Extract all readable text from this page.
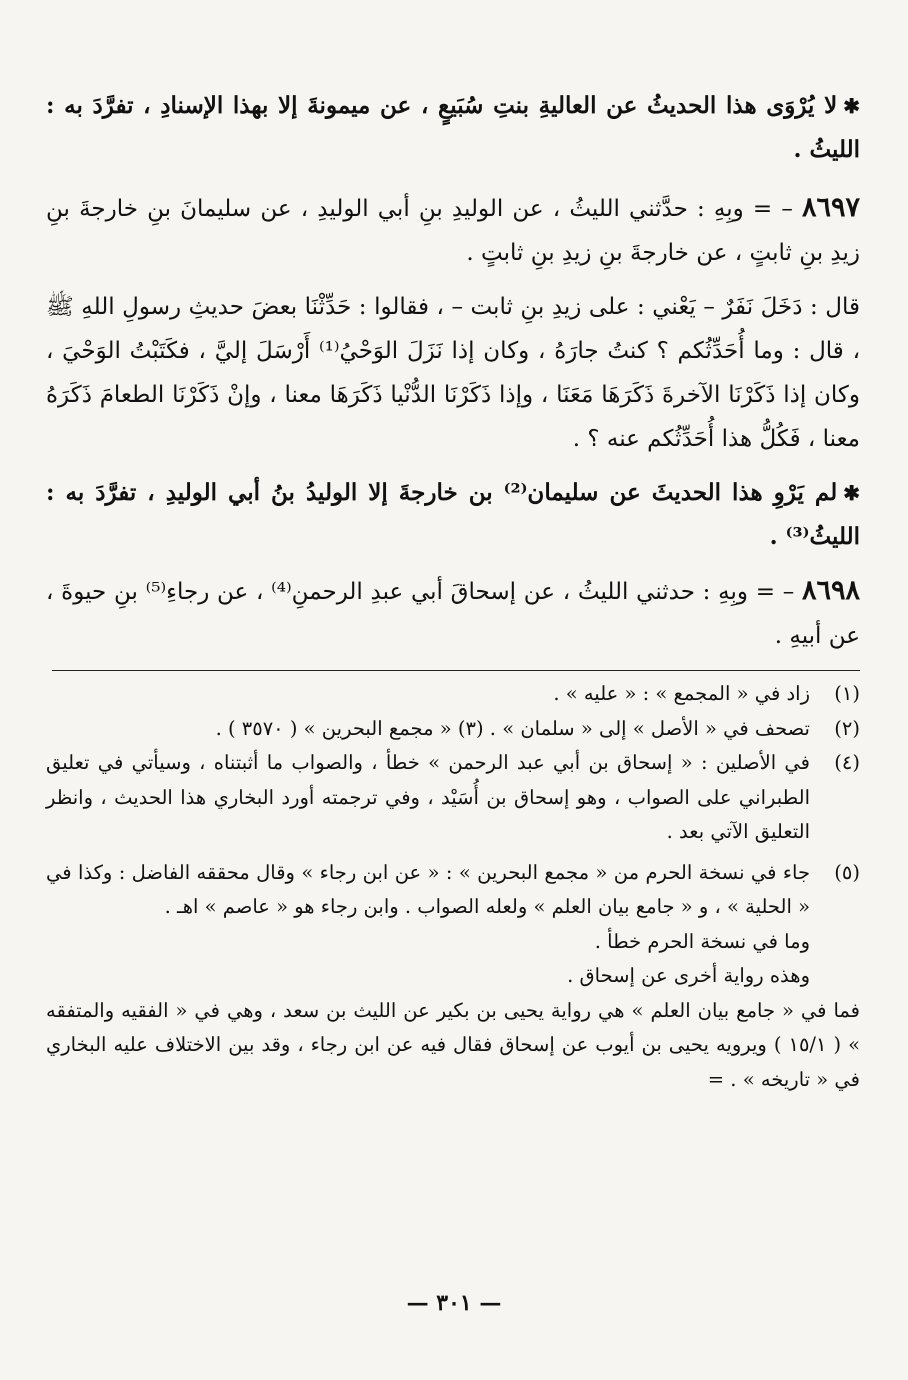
✱لا يُرْوَى هذا الحديثُ عن العاليةِ بنتِ سُبَيعٍ ، عن ميمونةَ إلا بهذا الإسنادِ ، تفرَّدَ به : الليثُ .

٨٦٩٧ – = وبِهِ : حدَّثني الليثُ ، عن الوليدِ بنِ أبي الوليدِ ، عن سليمانَ بنِ خارجةَ بنِ زيدِ بنِ ثابتٍ ، عن خارجةَ بنِ زيدِ بنِ ثابتٍ .

قال : دَخَلَ نَفَرٌ – يَعْني : على زيدِ بنِ ثابت – ، فقالوا : حَدِّثْنَا بعضَ حديثِ رسولِ اللهِ ﷺ ، قال : وما أُحَدِّثُكم ؟ كنتُ جارَهُ ، وكان إذا نَزَلَ الوَحْيُ⁽¹⁾ أَرْسَلَ إليَّ ، فكَتَبْتُ الوَحْيَ ، وكان إذا ذَكَرْنَا الآخرةَ ذَكَرَهَا مَعَنَا ، وإذا ذَكَرْنَا الدُّنْيا ذَكَرَهَا معنا ، وإنْ ذَكَرْنَا الطعامَ ذَكَرَهُ معنا ، فَكُلُّ هذا أُحَدِّثُكم عنه ؟ .

✱لم يَرْوِ هذا الحديثَ عن سليمان⁽²⁾ بن خارجةَ إلا الوليدُ بنُ أبي الوليدِ ، تفرَّدَ به : الليثُ⁽³⁾ .

٨٦٩٨ – = وبِهِ : حدثني الليثُ ، عن إسحاقَ أبي عبدِ الرحمنِ⁽⁴⁾ ، عن رجاءِ⁽⁵⁾ بنِ حيوةَ ، عن أبيهِ .

(١)
زاد في « المجمع » : « عليه » .

(٢)
تصحف في « الأصل » إلى « سلمان » . (٣) « مجمع البحرين » ( ٣٥٧٠ ) .

(٤)
في الأصلين : « إسحاق بن أبي عبد الرحمن » خطأ ، والصواب ما أثبتناه ، وسيأتي في تعليق الطبراني على الصواب ، وهو إسحاق بن أُسَيْد ، وفي ترجمته أورد البخاري هذا الحديث ، وانظر التعليق الآتي بعد .

(٥)
جاء في نسخة الحرم من « مجمع البحرين » : « عن ابن رجاء » وقال محققه الفاضل : وكذا في « الحلية » ، و « جامع بيان العلم » ولعله الصواب . وابن رجاء هو « عاصم » اهـ .

وما في نسخة الحرم خطأ .

وهذه رواية أخرى عن إسحاق .

فما في « جامع بيان العلم » هي رواية يحيى بن بكير عن الليث بن سعد ، وهي في « الفقيه والمتفقه » ( ١٥/١ ) ويرويه يحيى بن أيوب عن إسحاق فقال فيه عن ابن رجاء ، وقد بين الاختلاف عليه البخاري في « تاريخه » . =

— ٣٠١ —
